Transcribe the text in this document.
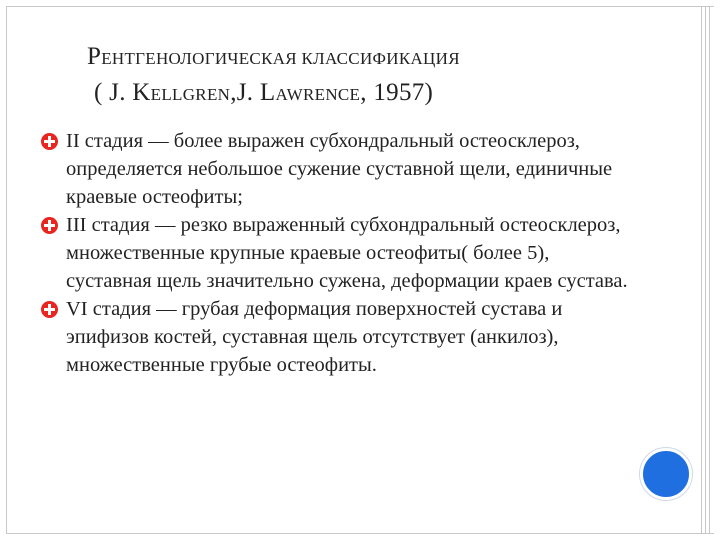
РЕНТГЕНОЛОГИЧЕСКАЯ КЛАССИФИКАЦИЯ
( J. KELLGREN,J. LAWRENCE, 1957)
II стадия — более выражен субхондральный остеосклероз, определяется небольшое сужение суставной щели, единичные краевые остеофиты;
III стадия — резко выраженный субхондральный остеосклероз, множественные крупные краевые остеофиты( более 5), суставная щель значительно сужена, деформации краев сустава.
VI стадия — грубая деформация поверхностей сустава и эпифизов костей, суставная щель отсутствует (анкилоз), множественные грубые остеофиты.
